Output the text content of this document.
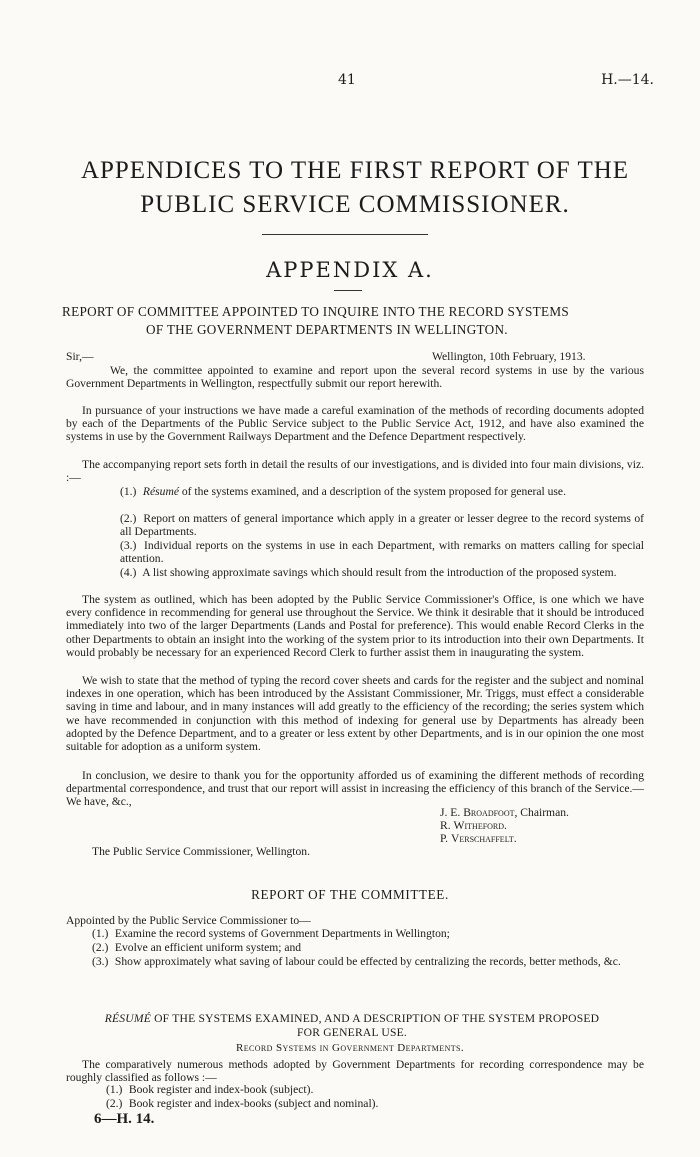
41	H.—14.
APPENDICES TO THE FIRST REPORT OF THE
PUBLIC SERVICE COMMISSIONER.
APPENDIX A.
REPORT OF COMMITTEE APPOINTED TO INQUIRE INTO THE RECORD SYSTEMS
OF THE GOVERNMENT DEPARTMENTS IN WELLINGTON.
Sir,—	Wellington, 10th February, 1913.
We, the committee appointed to examine and report upon the several record systems in use by the various Government Departments in Wellington, respectfully submit our report herewith.
In pursuance of your instructions we have made a careful examination of the methods of recording documents adopted by each of the Departments of the Public Service subject to the Public Service Act, 1912, and have also examined the systems in use by the Government Railways Department and the Defence Department respectively.
The accompanying report sets forth in detail the results of our investigations, and is divided into four main divisions, viz. :—
(1.) Résumé of the systems examined, and a description of the system proposed for general use.
(2.) Report on matters of general importance which apply in a greater or lesser degree to the record systems of all Departments.
(3.) Individual reports on the systems in use in each Department, with remarks on matters calling for special attention.
(4.) A list showing approximate savings which should result from the introduction of the proposed system.
The system as outlined, which has been adopted by the Public Service Commissioner's Office, is one which we have every confidence in recommending for general use throughout the Service. We think it desirable that it should be introduced immediately into two of the larger Departments (Lands and Postal for preference). This would enable Record Clerks in the other Departments to obtain an insight into the working of the system prior to its introduction into their own Departments. It would probably be necessary for an experienced Record Clerk to further assist them in inaugurating the system.
We wish to state that the method of typing the record cover sheets and cards for the register and the subject and nominal indexes in one operation, which has been introduced by the Assistant Commissioner, Mr. Triggs, must effect a considerable saving in time and labour, and in many instances will add greatly to the efficiency of the recording; the series system which we have recommended in conjunction with this method of indexing for general use by Departments has already been adopted by the Defence Department, and to a greater or less extent by other Departments, and is in our opinion the one most suitable for adoption as a uniform system.
In conclusion, we desire to thank you for the opportunity afforded us of examining the different methods of recording departmental correspondence, and trust that our report will assist in increasing the efficiency of this branch of the Service.—We have, &c.,
J. E. Broadfoot, Chairman.
R. Witheford.
P. Verschaffelt.
The Public Service Commissioner, Wellington.
REPORT OF THE COMMITTEE.
Appointed by the Public Service Commissioner to—
(1.) Examine the record systems of Government Departments in Wellington;
(2.) Evolve an efficient uniform system; and
(3.) Show approximately what saving of labour could be effected by centralizing the records, better methods, &c.
RÉSUMÉ OF THE SYSTEMS EXAMINED, AND A DESCRIPTION OF THE SYSTEM PROPOSED
FOR GENERAL USE.
Record Systems in Government Departments.
The comparatively numerous methods adopted by Government Departments for recording correspondence may be roughly classified as follows :—
(1.) Book register and index-book (subject).
(2.) Book register and index-books (subject and nominal).
6—H. 14.
